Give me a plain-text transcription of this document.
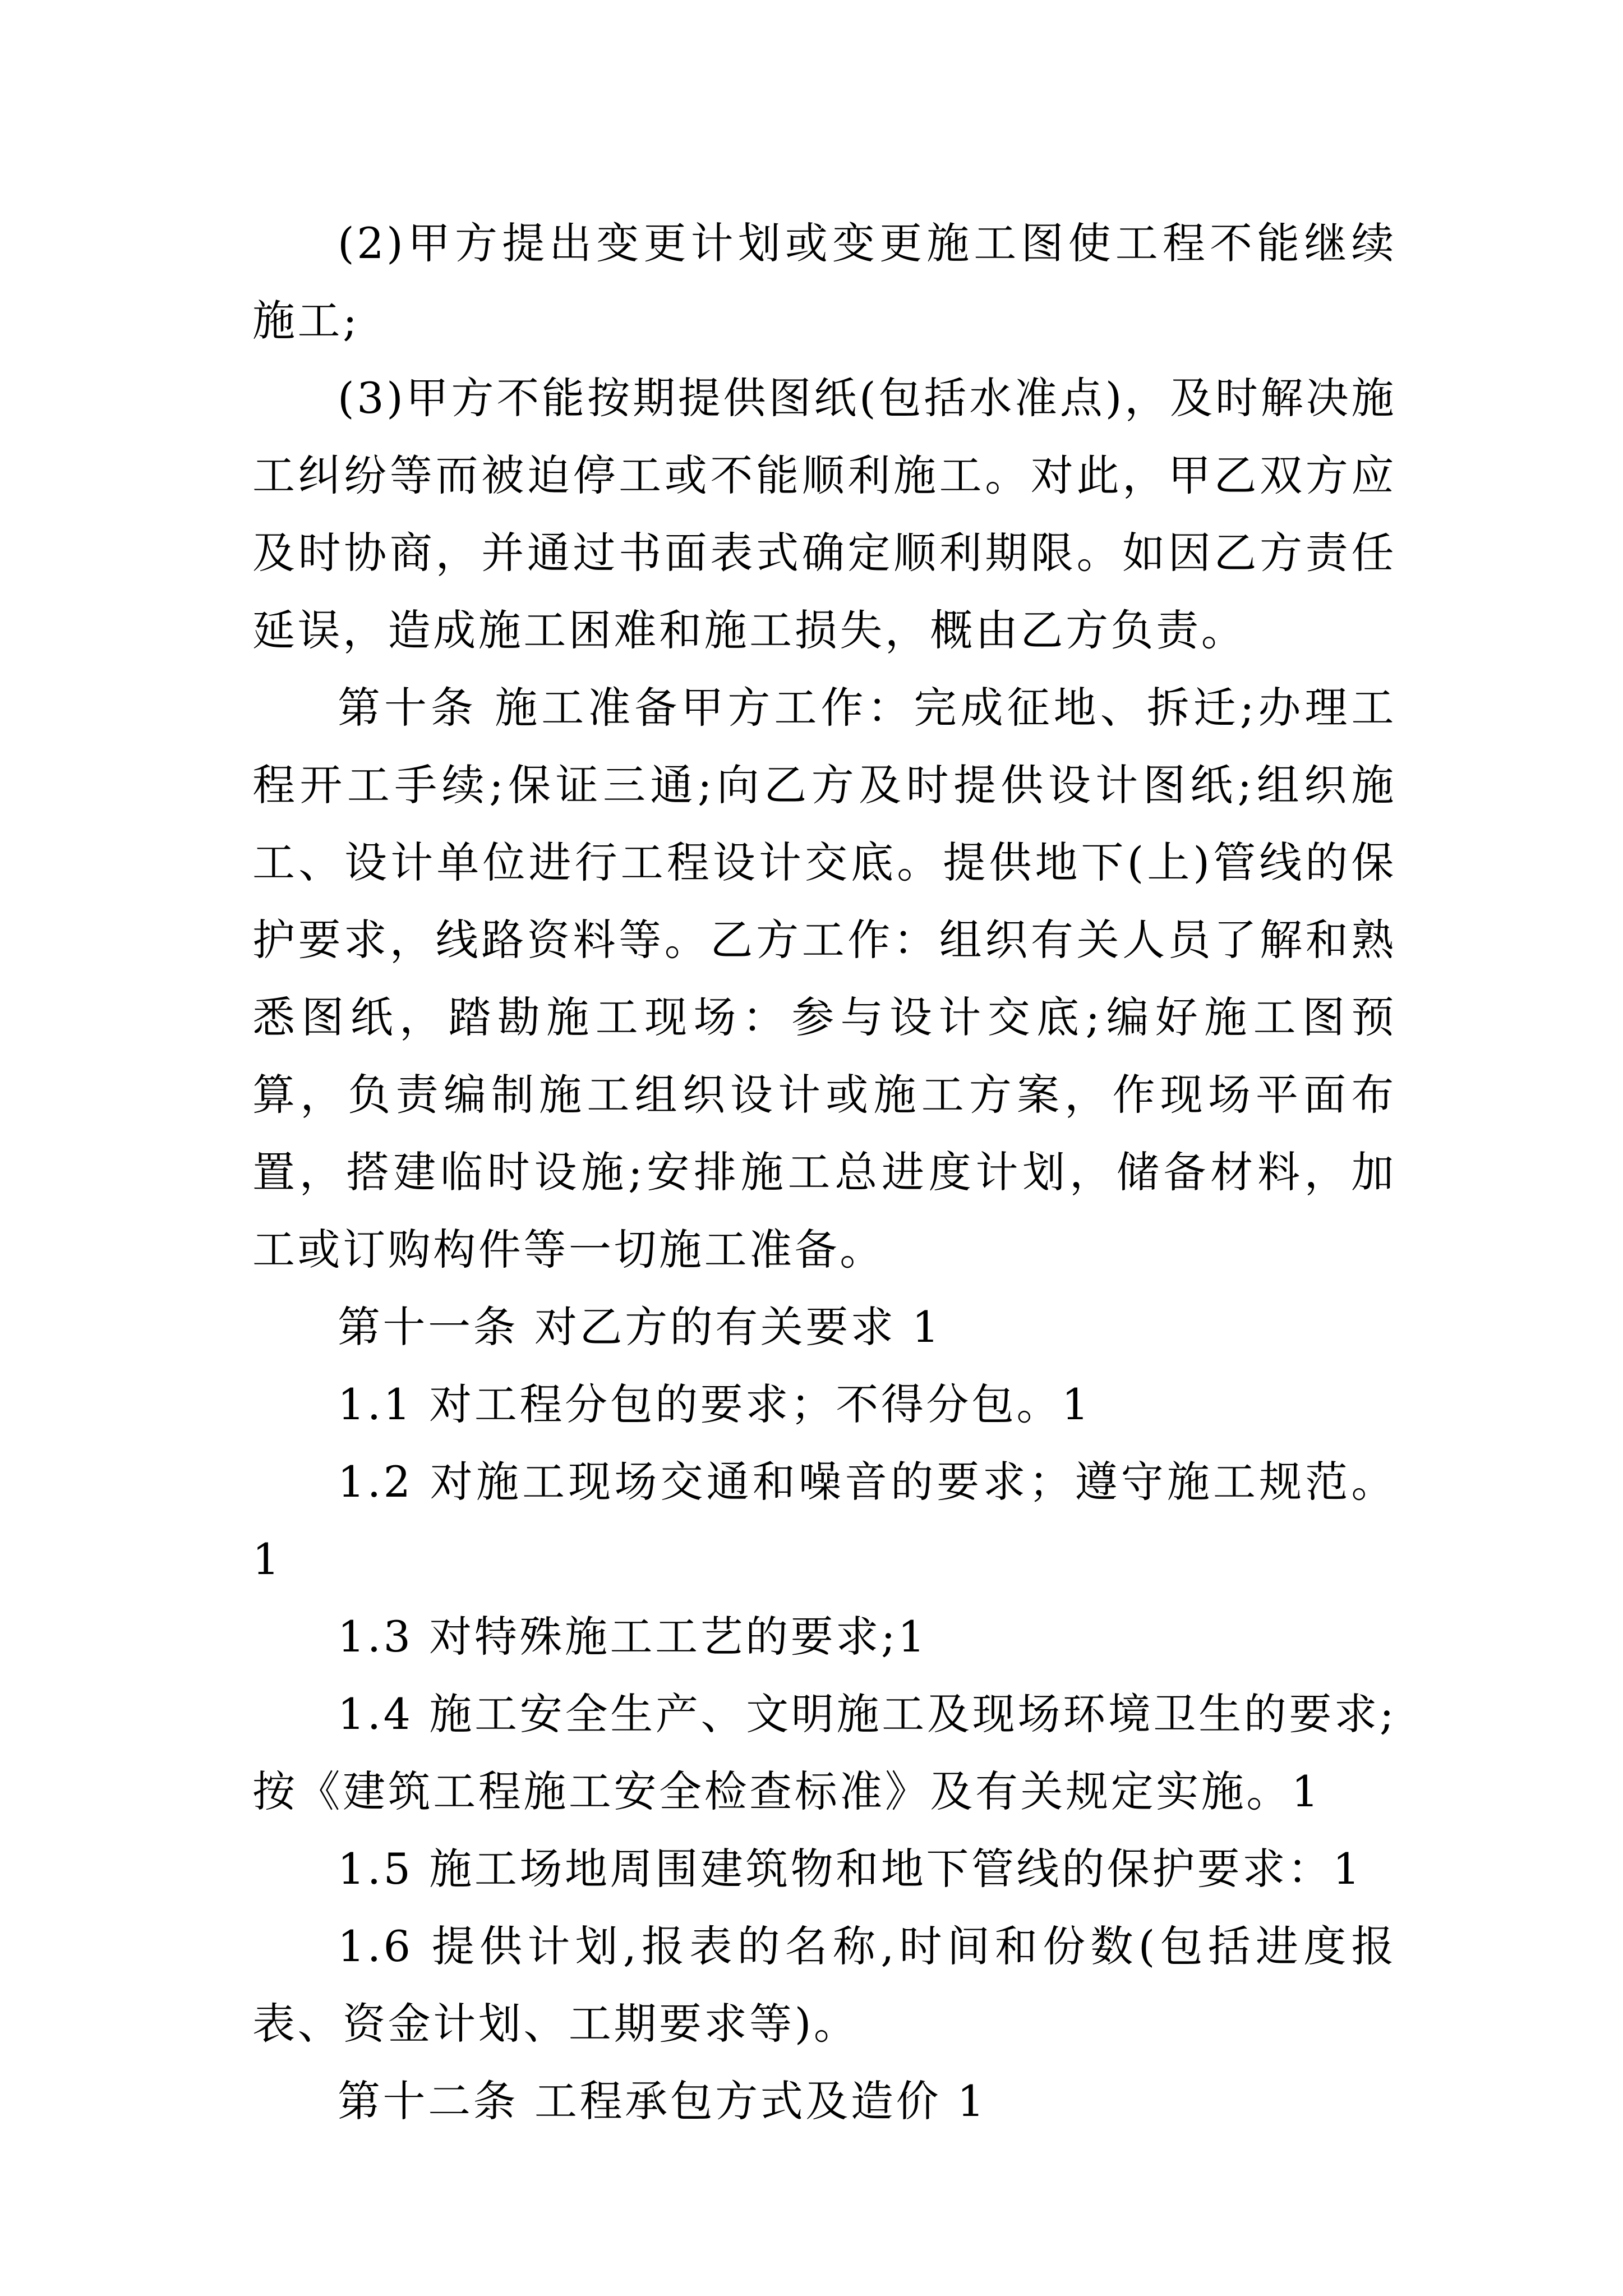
(2)甲方提出变更计划或变更施工图使工程不能继续施工;

(3)甲方不能按期提供图纸(包括水准点)，及时解决施工纠纷等而被迫停工或不能顺利施工。对此，甲乙双方应及时协商，并通过书面表式确定顺利期限。如因乙方责任延误，造成施工困难和施工损失，概由乙方负责。

第十条 施工准备甲方工作：完成征地、拆迁;办理工程开工手续;保证三通;向乙方及时提供设计图纸;组织施工、设计单位进行工程设计交底。提供地下(上)管线的保护要求，线路资料等。乙方工作：组织有关人员了解和熟悉图纸，踏勘施工现场：参与设计交底;编好施工图预算，负责编制施工组织设计或施工方案，作现场平面布置，搭建临时设施;安排施工总进度计划，储备材料，加工或订购构件等一切施工准备。

第十一条 对乙方的有关要求 1

1.1 对工程分包的要求；不得分包。1

1.2 对施工现场交通和噪音的要求；遵守施工规范。1

1.3 对特殊施工工艺的要求;1

1.4 施工安全生产、文明施工及现场环境卫生的要求;按《建筑工程施工安全检查标准》及有关规定实施。1

1.5 施工场地周围建筑物和地下管线的保护要求：1

1.6 提供计划,报表的名称,时间和份数(包括进度报表、资金计划、工期要求等)。

第十二条 工程承包方式及造价 1
